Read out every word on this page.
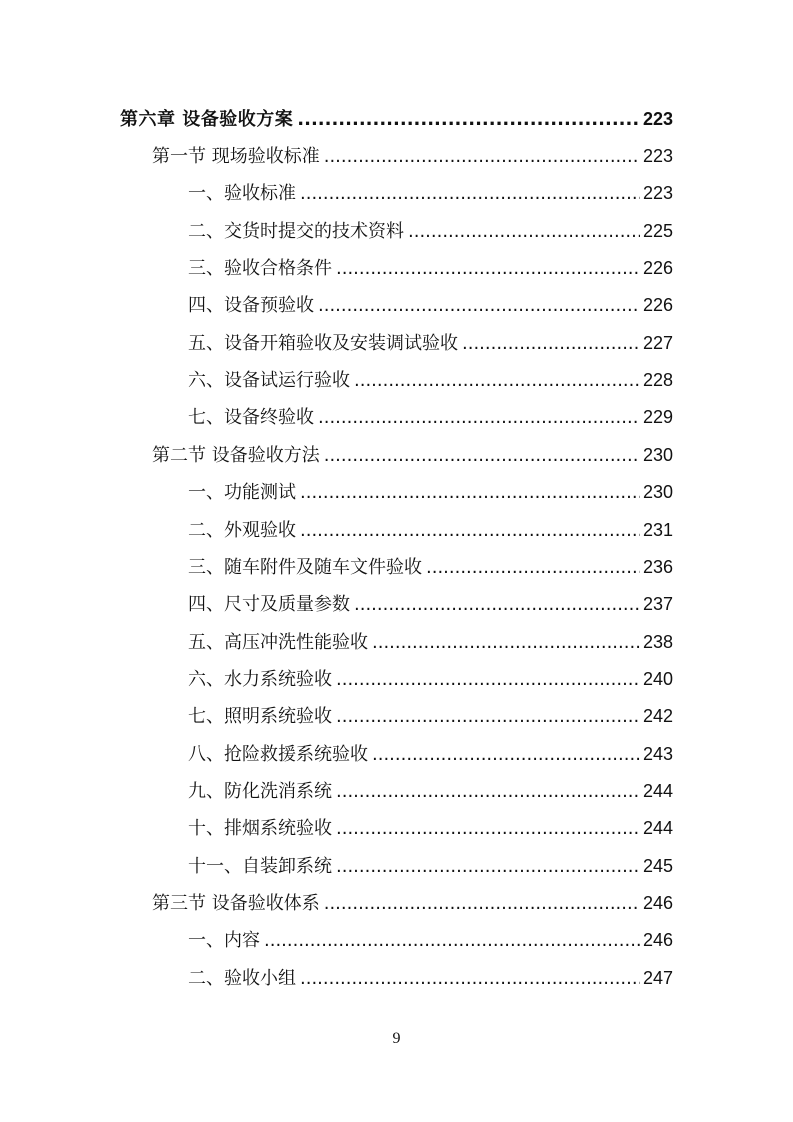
第六章 设备验收方案 .....	223
第一节 现场验收标准 .....	223
一、验收标准 .....	223
二、交货时提交的技术资料 .....	225
三、验收合格条件 .....	226
四、设备预验收 .....	226
五、设备开箱验收及安装调试验收 .....	227
六、设备试运行验收 .....	228
七、设备终验收 .....	229
第二节 设备验收方法 .....	230
一、功能测试 .....	230
二、外观验收 .....	231
三、随车附件及随车文件验收 .....	236
四、尺寸及质量参数 .....	237
五、高压冲洗性能验收 .....	238
六、水力系统验收 .....	240
七、照明系统验收 .....	242
八、抢险救援系统验收 .....	243
九、防化洗消系统 .....	244
十、排烟系统验收 .....	244
十一、自装卸系统 .....	245
第三节 设备验收体系 .....	246
一、内容 .....	246
二、验收小组 .....	247
9
